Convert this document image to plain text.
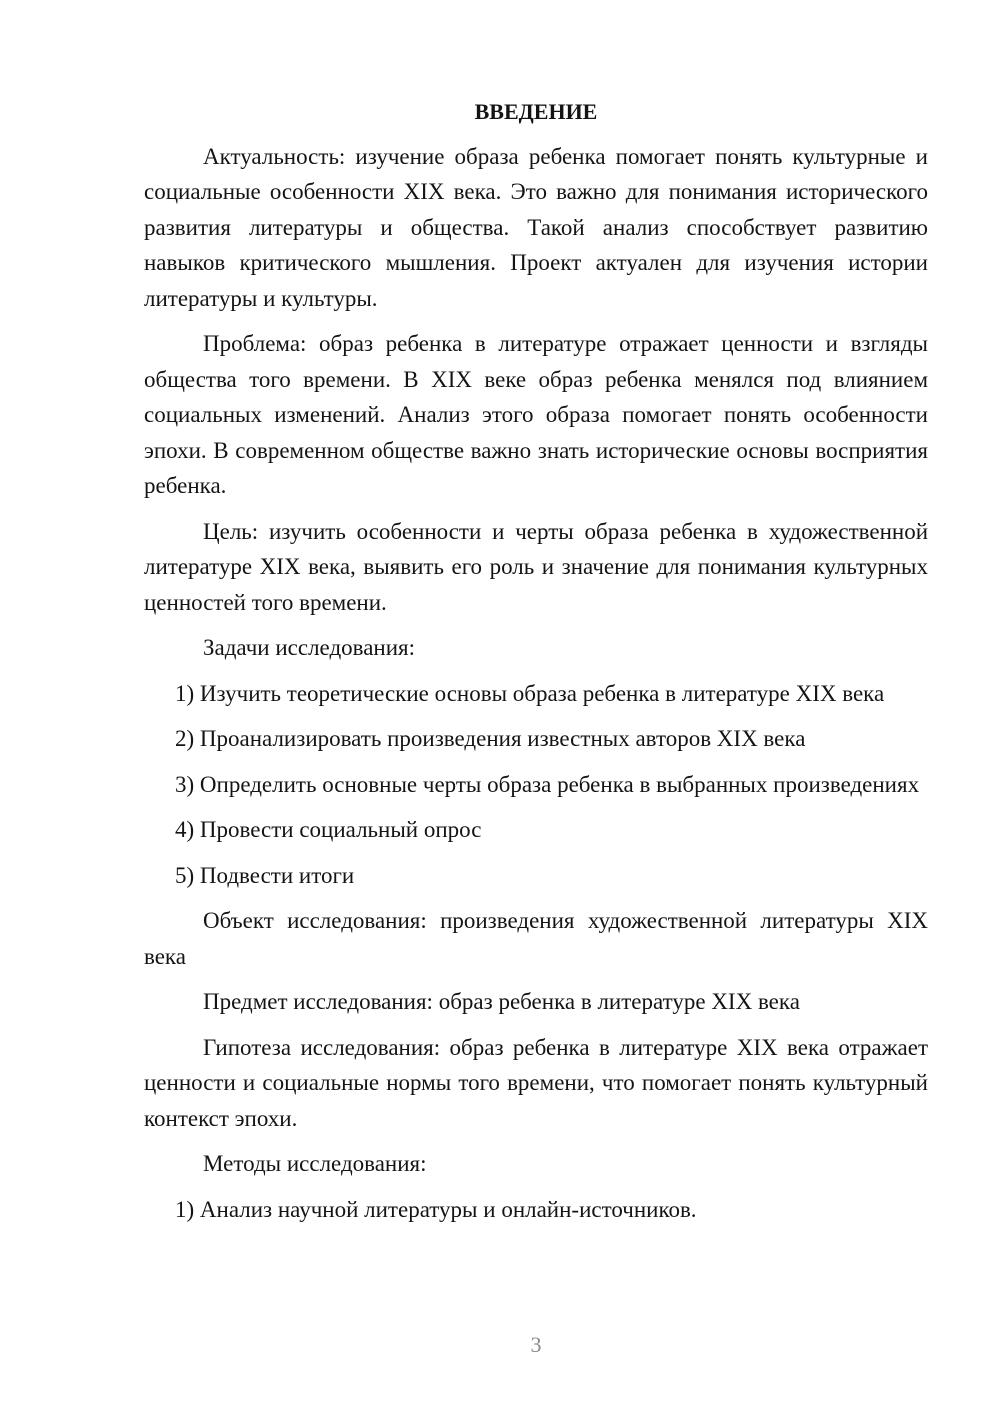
ВВЕДЕНИЕ

Актуальность: изучение образа ребенка помогает понять культурные и социальные особенности XIX века. Это важно для понимания исторического развития литературы и общества. Такой анализ способствует развитию навыков критического мышления. Проект актуален для изучения истории литературы и культуры.

Проблема: образ ребенка в литературе отражает ценности и взгляды общества того времени. В XIX веке образ ребенка менялся под влиянием социальных изменений. Анализ этого образа помогает понять особенности эпохи. В современном обществе важно знать исторические основы восприятия ребенка.

Цель: изучить особенности и черты образа ребенка в художественной литературе XIX века, выявить его роль и значение для понимания культурных ценностей того времени.

Задачи исследования:

1) Изучить теоретические основы образа ребенка в литературе XIX века

2) Проанализировать произведения известных авторов XIX века

3) Определить основные черты образа ребенка в выбранных произведениях

4) Провести социальный опрос

5) Подвести итоги

Объект исследования: произведения художественной литературы XIX века

Предмет исследования: образ ребенка в литературе XIX века

Гипотеза исследования: образ ребенка в литературе XIX века отражает ценности и социальные нормы того времени, что помогает понять культурный контекст эпохи.

Методы исследования:

1) Анализ научной литературы и онлайн-источников.

3
